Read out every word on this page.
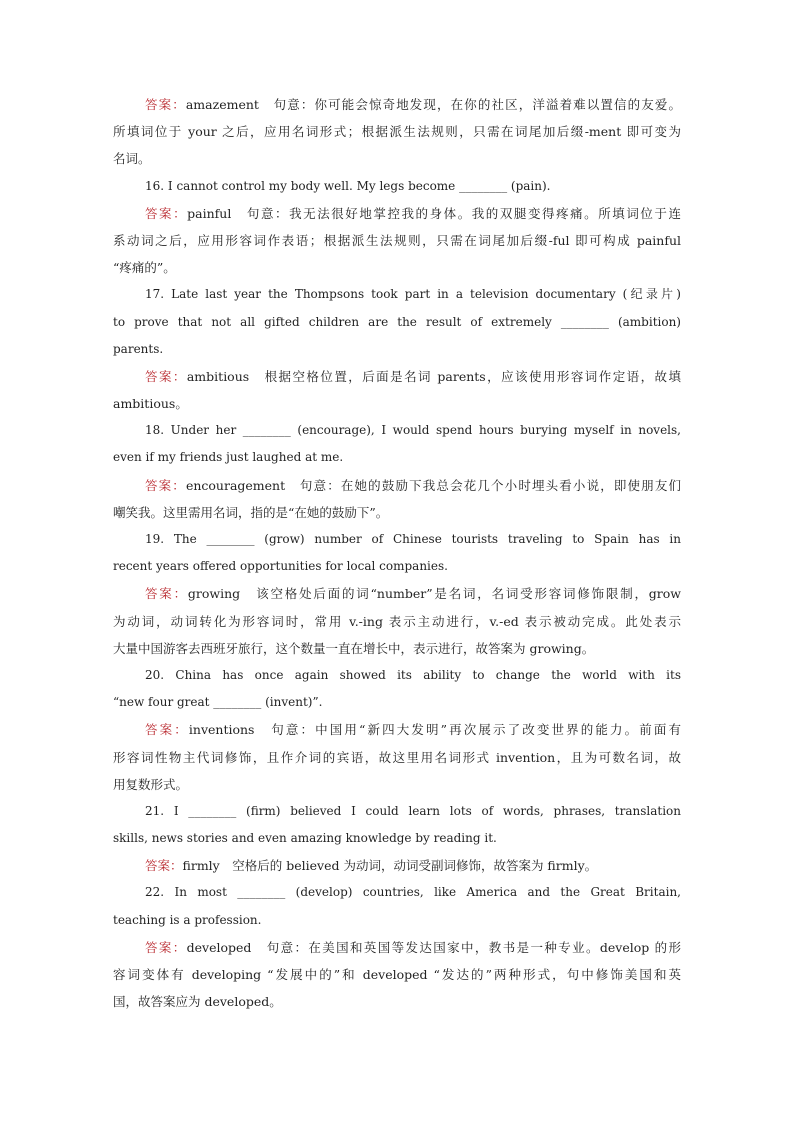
答案：amazement　句意：你可能会惊奇地发现，在你的社区，洋溢着难以置信的友爱。
所填词位于 your 之后，应用名词形式；根据派生法规则，只需在词尾加后缀-ment 即可变为
名词。
16. I cannot control my body well. My legs become ________ (pain).
答案：painful　句意：我无法很好地掌控我的身体。我的双腿变得疼痛。所填词位于连
系动词之后，应用形容词作表语；根据派生法规则，只需在词尾加后缀-ful 即可构成 painful
“疼痛的”。
17. Late last year the Thompsons took part in a television documentary (纪录片)
to prove that not all gifted children are the result of extremely ________ (ambition)
parents.
答案：ambitious　根据空格位置，后面是名词 parents，应该使用形容词作定语，故填
ambitious。
18. Under her ________ (encourage), I would spend hours burying myself in novels,
even if my friends just laughed at me.
答案：encouragement　句意：在她的鼓励下我总会花几个小时埋头看小说，即使朋友们
嘲笑我。这里需用名词，指的是“在她的鼓励下”。
19. The ________ (grow) number of Chinese tourists traveling to Spain has in
recent years offered opportunities for local companies.
答案：growing　该空格处后面的词“number”是名词，名词受形容词修饰限制，grow
为动词，动词转化为形容词时，常用 v.-ing 表示主动进行，v.-ed 表示被动完成。此处表示
大量中国游客去西班牙旅行，这个数量一直在增长中，表示进行，故答案为 growing。
20. China has once again showed its ability to change the world with its
“new four great ________ (invent)”.
答案：inventions　句意：中国用“新四大发明”再次展示了改变世界的能力。前面有
形容词性物主代词修饰，且作介词的宾语，故这里用名词形式 invention，且为可数名词，故
用复数形式。
21. I ________ (firm) believed I could learn lots of words, phrases, translation
skills, news stories and even amazing knowledge by reading it.
答案：firmly　空格后的 believed 为动词，动词受副词修饰，故答案为 firmly。
22. In most ________ (develop) countries, like America and the Great Britain,
teaching is a profession.
答案：developed　句意：在美国和英国等发达国家中，教书是一种专业。develop 的形
容词变体有 developing “发展中的”和 developed “发达的”两种形式，句中修饰美国和英
国，故答案应为 developed。
